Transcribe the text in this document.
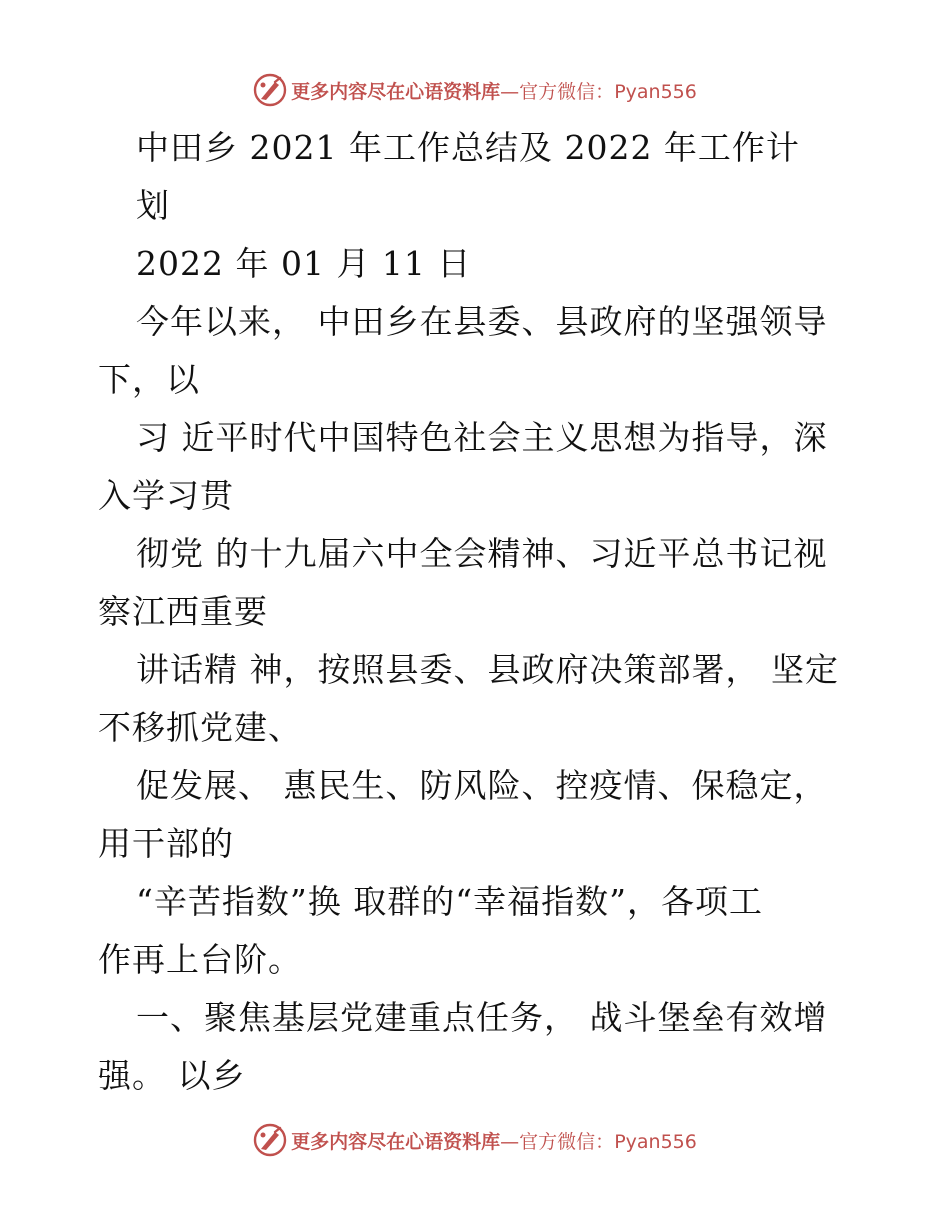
更多内容尽在心语资料库—官方微信：Pyan556
中田乡 2021 年工作总结及 2022 年工作计
划
2022 年 01 月 11 日
今年以来， 中田乡在县委、县政府的坚强领导
下，以
习 近平时代中国特色社会主义思想为指导，深
入学习贯
彻党 的十九届六中全会精神、习近平总书记视
察江西重要
讲话精 神，按照县委、县政府决策部署， 坚定
不移抓党建、
促发展、 惠民生、防风险、控疫情、保稳定，
用干部的
“辛苦指数”换 取群的“幸福指数”，各项工
作再上台阶。
一、聚焦基层党建重点任务， 战斗堡垒有效增
强。 以乡
更多内容尽在心语资料库—官方微信：Pyan556
